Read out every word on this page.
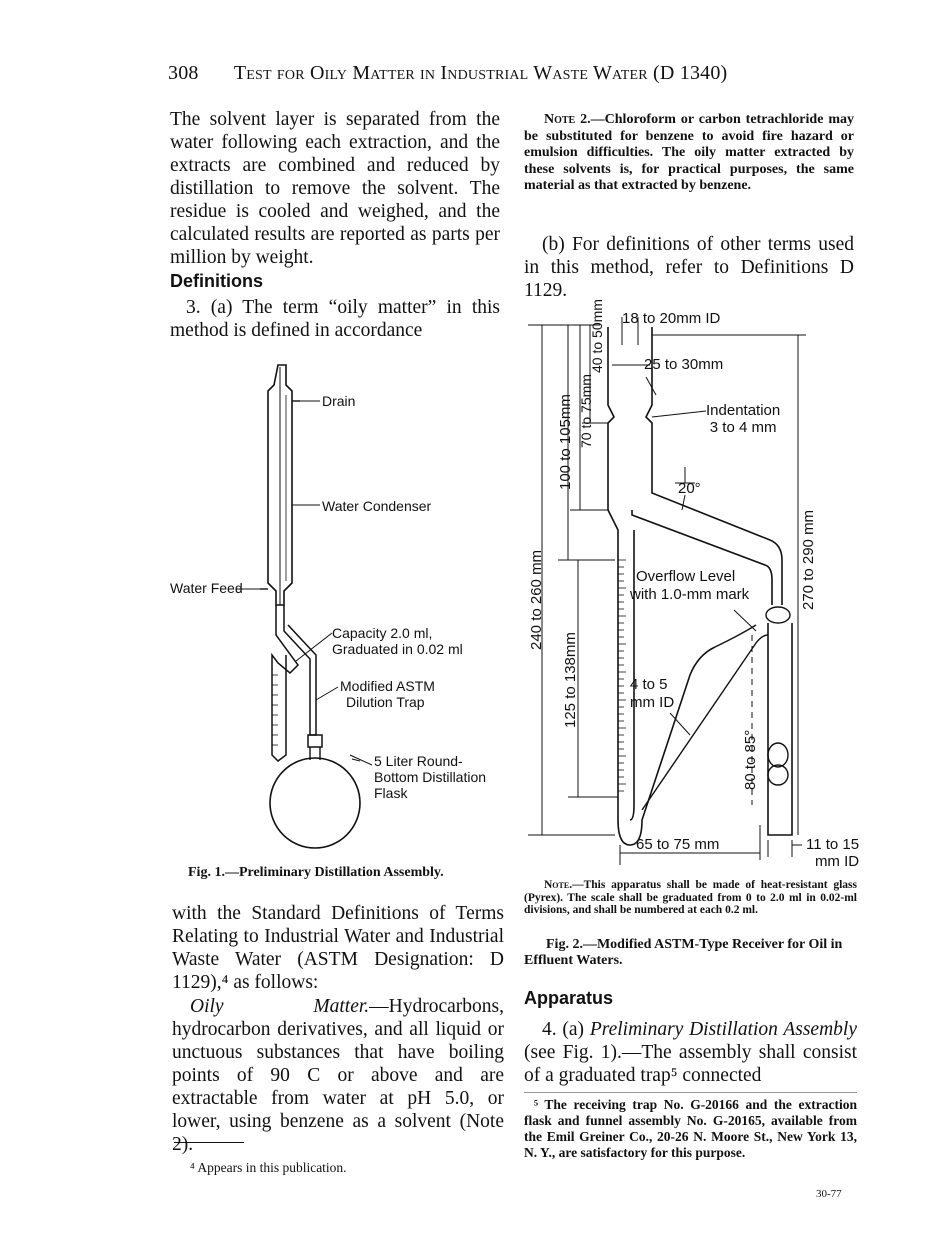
308 Test for Oily Matter in Industrial Waste Water (D 1340)
The solvent layer is separated from the water following each extraction, and the extracts are combined and reduced by distillation to remove the solvent. The residue is cooled and weighed, and the calculated results are reported as parts per million by weight.
Definitions
3. (a) The term “oily matter” in this method is defined in accordance
Drain
Water Condenser
Water Feed
Capacity 2.0 ml,
Graduated in 0.02 ml
Modified ASTM
Dilution Trap
5 Liter Round-
Bottom Distillation
Flask
Fig. 1.—Preliminary Distillation Assembly.
with the Standard Definitions of Terms Relating to Industrial Water and Industrial Waste Water (ASTM Designation: D 1129),⁴ as follows:
Oily Matter.—Hydrocarbons, hydrocarbon derivatives, and all liquid or unctuous substances that have boiling points of 90 C or above and are extractable from water at pH 5.0, or lower, using benzene as a solvent (Note 2).
⁴ Appears in this publication.
Note 2.—Chloroform or carbon tetrachloride may be substituted for benzene to avoid fire hazard or emulsion difficulties. The oily matter extracted by these solvents is, for practical purposes, the same material as that extracted by benzene.
(b) For definitions of other terms used in this method, refer to Definitions D 1129.
18 to 20mm ID
25 to 30mm
Indentation
3 to 4 mm
20°
Overflow Level
with 1.0-mm mark
4 to 5
mm ID
65 to 75 mm	11 to 15
mm ID
40 to 50mm
70 to 75mm
100 to 105mm
240 to 260 mm
125 to 138mm
270 to 290 mm
80 to 85°
Note.—This apparatus shall be made of heat-resistant glass (Pyrex). The scale shall be graduated from 0 to 2.0 ml in 0.02-ml divisions, and shall be numbered at each 0.2 ml.
Fig. 2.—Modified ASTM-Type Receiver for Oil in Effluent Waters.
Apparatus
4. (a) Preliminary Distillation Assembly (see Fig. 1).—The assembly shall consist of a graduated trap⁵ connected
⁵ The receiving trap No. G-20166 and the extraction flask and funnel assembly No. G-20165, available from the Emil Greiner Co., 20-26 N. Moore St., New York 13, N. Y., are satisfactory for this purpose.
30-77
